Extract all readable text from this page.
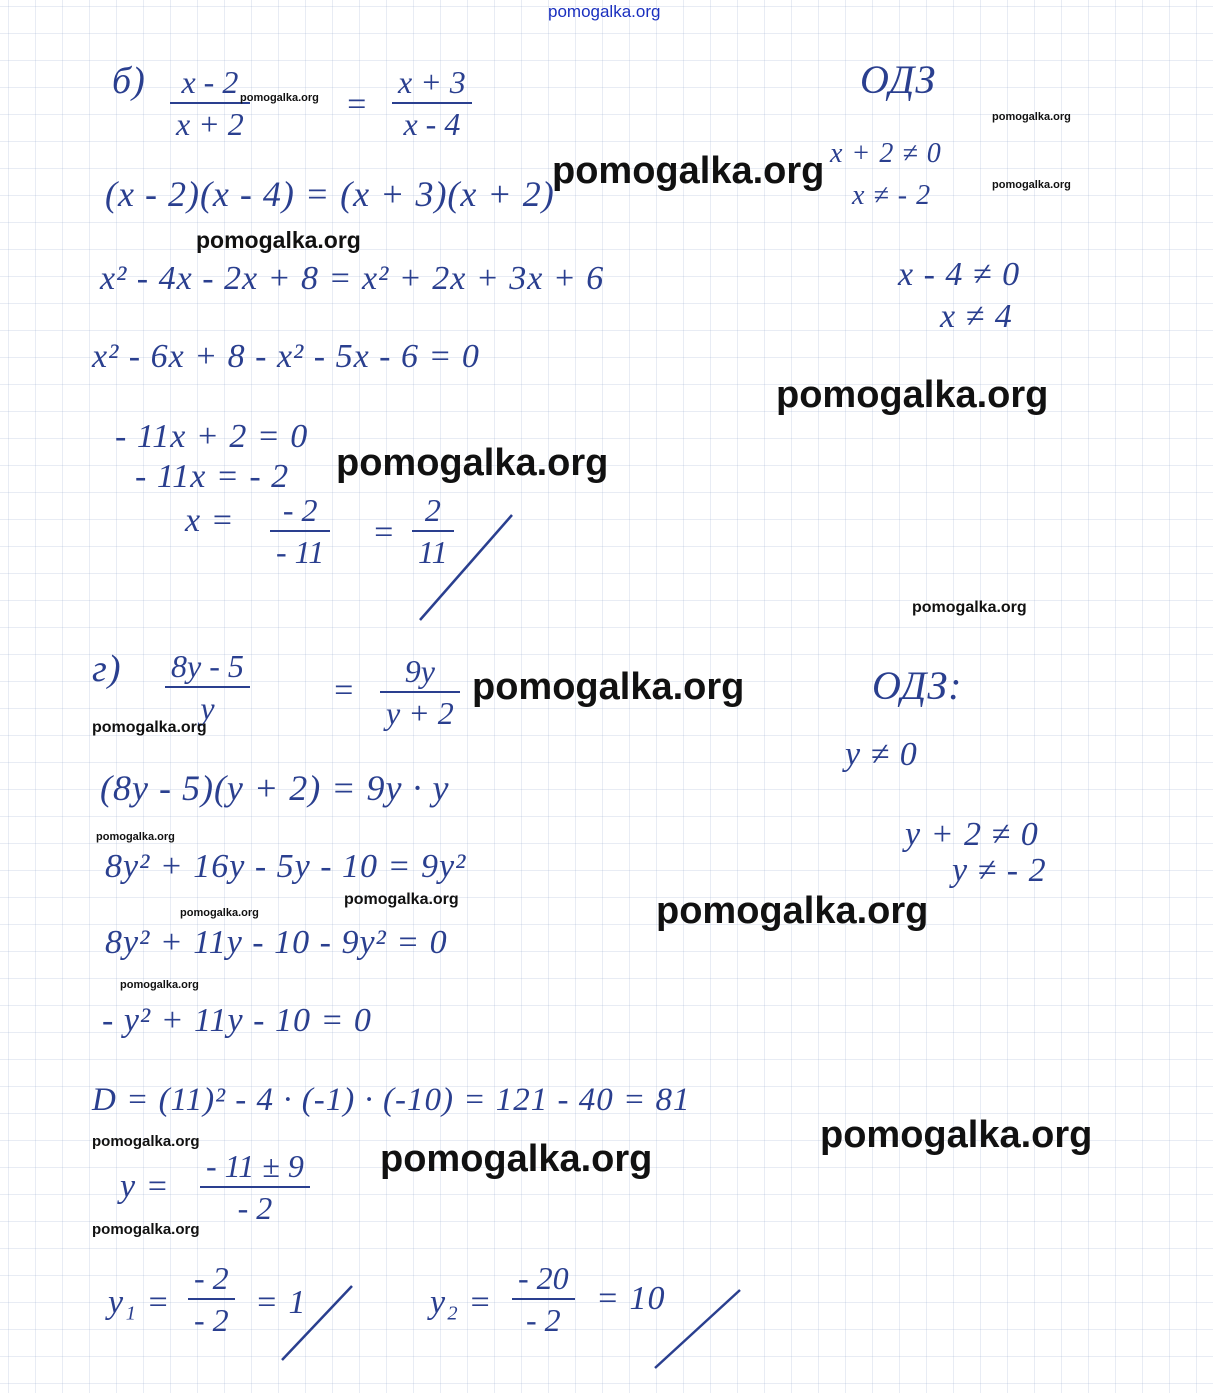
pomogalka.org
$б) \frac{x - 2}{x + 2}$	= $\frac{x + 3}{x - 4}$
(x - 2)(x - 4) = (x + 3)(x + 2)
x² - 4x - 2x + 8 = x² + 2x + 3x + 6
x² - 6x + 8 - x² - 5x - 6 = 0
- 11x + 2 = 0
- 11x = - 2
$x = \frac{- 2}{- 11} = \frac{2}{11}$
ОДЗ
x + 2 ≠ 0
x ≠ - 2
x - 4 ≠ 0
x ≠ 4
$г) \frac{8y - 5}{y} = \frac{9y}{y + 2}$
(8y - 5)(y + 2) = 9y · y
8y² + 16y - 5y - 10 = 9y²
8y² + 11y - 10 - 9y² = 0
- y² + 11y - 10 = 0
D = (11)² - 4 · (-1) · (-10) = 121 - 40 = 81
$y = \frac{- 11 \pm 9}{- 2}$
$y_1 = \frac{- 2}{- 2} = 1$	$y_2 = \frac{- 20}{- 2} = 10$
ОДЗ:
y ≠ 0
y + 2 ≠ 0
y ≠ - 2
pomogalka.org
pomogalka.org
pomogalka.org
pomogalka.org
pomogalka.org
pomogalka.org
pomogalka.org
pomogalka.org
pomogalka.org
pomogalka.org
pomogalka.org
pomogalka.org
pomogalka.org
pomogalka.org
pomogalka.org
pomogalka.org
pomogalka.org
pomogalka.org
pomogalka.org
